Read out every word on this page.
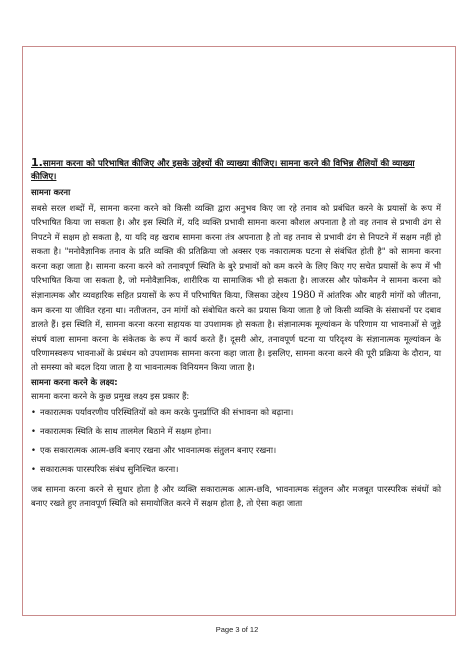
1.सामना करना को परिभाषित कीजिए और इसके उद्देश्यों की व्याख्या कीजिए। सामना करने की विभिन्न शैलियों की व्याख्या कीजिए।

सामना करना

सबसे सरल शब्दों में, सामना करना करने को किसी व्यक्ति द्वारा अनुभव किए जा रहे तनाव को प्रबंधित करने के प्रयासों के रूप में परिभाषित किया जा सकता है। और इस स्थिति में, यदि व्यक्ति प्रभावी सामना करना कौशल अपनाता है तो वह तनाव से प्रभावी ढंग से निपटने में सक्षम हो सकता है, या यदि वह खराब सामना करना तंत्र अपनाता है तो वह तनाव से प्रभावी ढंग से निपटने में सक्षम नहीं हो सकता है। "मनोवैज्ञानिक तनाव के प्रति व्यक्ति की प्रतिक्रिया जो अक्सर एक नकारात्मक घटना से संबंधित होती है" को सामना करना करना कहा जाता है। सामना करना करने को तनावपूर्ण स्थिति के बुरे प्रभावों को कम करने के लिए किए गए सचेत प्रयासों के रूप में भी परिभाषित किया जा सकता है, जो मनोवैज्ञानिक, शारीरिक या सामाजिक भी हो सकता है। लाजरस और फोकमैन ने सामना करना को संज्ञानात्मक और व्यवहारिक सहित प्रयासों के रूप में परिभाषित किया, जिसका उद्देश्य 1980 में आंतरिक और बाहरी मांगों को जीतना, कम करना या जीवित रहना था। नतीजतन, उन मांगों को संबोधित करने का प्रयास किया जाता है जो किसी व्यक्ति के संसाधनों पर दबाव डालते हैं। इस स्थिति में, सामना करना करना सहायक या उपशामक हो सकता है। संज्ञानात्मक मूल्यांकन के परिणाम या भावनाओं से जुड़े संघर्ष वाला सामना करना के संकेतक के रूप में कार्य करते हैं। दूसरी ओर, तनावपूर्ण घटना या परिदृश्य के संज्ञानात्मक मूल्यांकन के परिणामस्वरूप भावनाओं के प्रबंधन को उपशामक सामना करना कहा जाता है। इसलिए, सामना करना करने की पूरी प्रक्रिया के दौरान, या तो समस्या को बदल दिया जाता है या भावनात्मक विनियमन किया जाता है।

सामना करना करने के लक्ष्य:
सामना करना करने के कुछ प्रमुख लक्ष्य इस प्रकार हैं:
• नकारात्मक पर्यावरणीय परिस्थितियों को कम करके पुनर्प्राप्ति की संभावना को बढ़ाना।
• नकारात्मक स्थिति के साथ तालमेल बिठाने में सक्षम होना।
• एक सकारात्मक आत्म-छवि बनाए रखना और भावनात्मक संतुलन बनाए रखना।
• सकारात्मक पारस्परिक संबंध सुनिश्चित करना।

जब सामना करना करने से सुधार होता है और व्यक्ति सकारात्मक आत्म-छवि, भावनात्मक संतुलन और मजबूत पारस्परिक संबंधों को बनाए रखते हुए तनावपूर्ण स्थिति को समायोजित करने में सक्षम होता है, तो ऐसा कहा जाता

Page 3 of 12
